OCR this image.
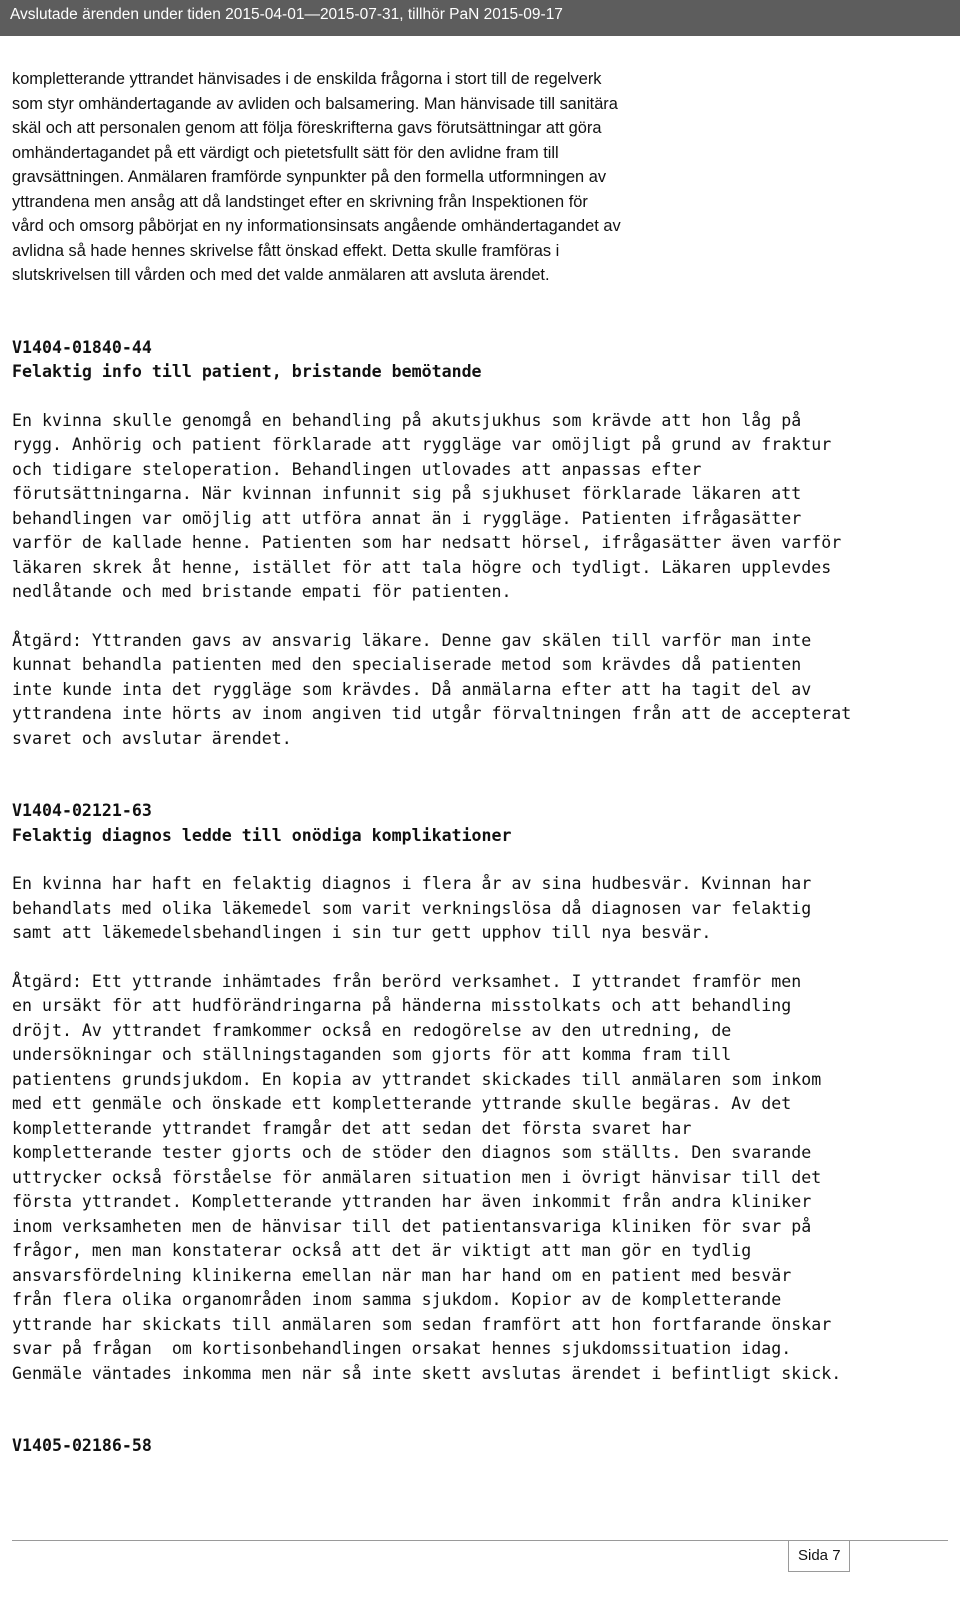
Avslutade ärenden under tiden 2015-04-01—2015-07-31, tillhör PaN 2015-09-17
kompletterande yttrandet hänvisades i de enskilda frågorna i stort till de regelverk
som styr omhändertagande av avliden och balsamering. Man hänvisade till sanitära
skäl och att personalen genom att följa föreskrifterna gavs förutsättningar att göra
omhändertagandet på ett värdigt och pietetsfullt sätt för den avlidne fram till
gravsättningen. Anmälaren framförde synpunkter på den formella utformningen av
yttrandena men ansåg att då landstinget efter en skrivning från Inspektionen för
vård och omsorg påbörjat en ny informationsinsats angående omhändertagandet av
avlidna så hade hennes skrivelse fått önskad effekt. Detta skulle framföras i
slutskrivelsen till vården och med det valde anmälaren att avsluta ärendet.
V1404-01840-44
Felaktig info till patient, bristande bemötande
En kvinna skulle genomgå en behandling på akutsjukhus som krävde att hon låg på
rygg. Anhörig och patient förklarade att ryggläge var omöjligt på grund av fraktur
och tidigare steloperation. Behandlingen utlovades att anpassas efter
förutsättningarna. När kvinnan infunnit sig på sjukhuset förklarade läkaren att
behandlingen var omöjlig att utföra annat än i ryggläge. Patienten ifrågasätter
varför de kallade henne. Patienten som har nedsatt hörsel, ifrågasätter även varför
läkaren skrek åt henne, istället för att tala högre och tydligt. Läkaren upplevdes
nedlåtande och med bristande empati för patienten.
Åtgärd: Yttranden gavs av ansvarig läkare. Denne gav skälen till varför man inte
kunnat behandla patienten med den specialiserade metod som krävdes då patienten
inte kunde inta det ryggläge som krävdes. Då anmälarna efter att ha tagit del av
yttrandena inte hörts av inom angiven tid utgår förvaltningen från att de accepterat
svaret och avslutar ärendet.
V1404-02121-63
Felaktig diagnos ledde till onödiga komplikationer
En kvinna har haft en felaktig diagnos i flera år av sina hudbesvär. Kvinnan har
behandlats med olika läkemedel som varit verkningslösa då diagnosen var felaktig
samt att läkemedelsbehandlingen i sin tur gett upphov till nya besvär.
Åtgärd: Ett yttrande inhämtades från berörd verksamhet. I yttrandet framför men
en ursäkt för att hudförändringarna på händerna misstolkats och att behandling
dröjt. Av yttrandet framkommer också en redogörelse av den utredning, de
undersökningar och ställningstaganden som gjorts för att komma fram till
patientens grundsjukdom. En kopia av yttrandet skickades till anmälaren som inkom
med ett genmäle och önskade ett kompletterande yttrande skulle begäras. Av det
kompletterande yttrandet framgår det att sedan det första svaret har
kompletterande tester gjorts och de stöder den diagnos som ställts. Den svarande
uttrycker också förståelse för anmälaren situation men i övrigt hänvisar till det
första yttrandet. Kompletterande yttranden har även inkommit från andra kliniker
inom verksamheten men de hänvisar till det patientansvariga kliniken för svar på
frågor, men man konstaterar också att det är viktigt att man gör en tydlig
ansvarsfördelning klinikerna emellan när man har hand om en patient med besvär
från flera olika organområden inom samma sjukdom. Kopior av de kompletterande
yttrande har skickats till anmälaren som sedan framfört att hon fortfarande önskar
svar på frågan  om kortisonbehandlingen orsakat hennes sjukdomssituation idag.
Genmäle väntades inkomma men när så inte skett avslutas ärendet i befintligt skick.
V1405-02186-58
Sida 7
